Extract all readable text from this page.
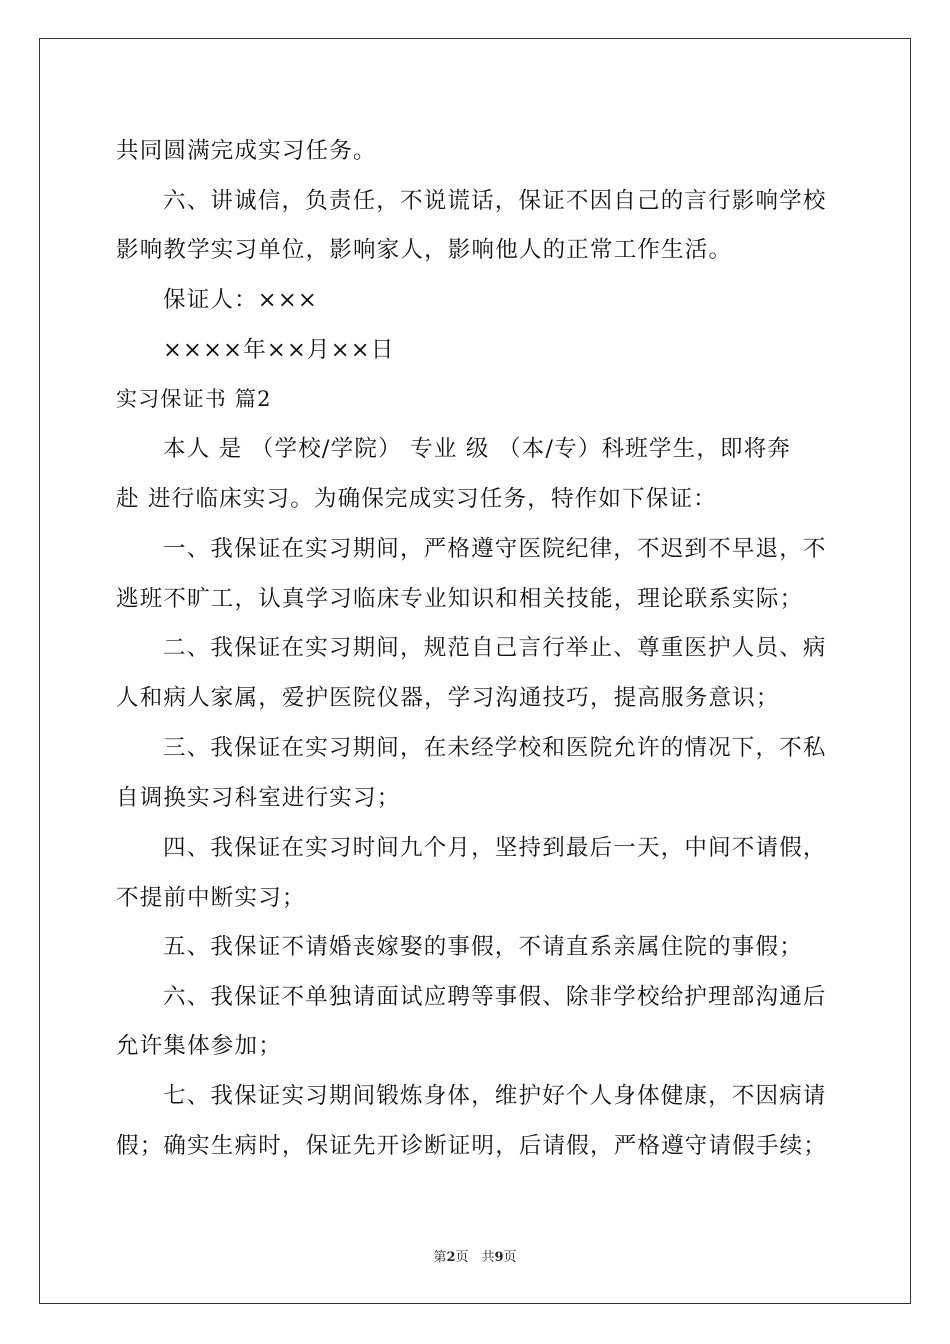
共同圆满完成实习任务。
六、讲诚信，负责任，不说谎话，保证不因自己的言行影响学校
影响教学实习单位，影响家人，影响他人的正常工作生活。
保证人：×××
××××年××月××日
实习保证书 篇2
本人 是 （学校/学院） 专业 级 （本/专）科班学生，即将奔
赴 进行临床实习。为确保完成实习任务，特作如下保证：
一、我保证在实习期间，严格遵守医院纪律，不迟到不早退，不
逃班不旷工，认真学习临床专业知识和相关技能，理论联系实际；
二、我保证在实习期间，规范自己言行举止、尊重医护人员、病
人和病人家属，爱护医院仪器，学习沟通技巧，提高服务意识；
三、我保证在实习期间，在未经学校和医院允许的情况下，不私
自调换实习科室进行实习；
四、我保证在实习时间九个月，坚持到最后一天，中间不请假，
不提前中断实习；
五、我保证不请婚丧嫁娶的事假，不请直系亲属住院的事假；
六、我保证不单独请面试应聘等事假、除非学校给护理部沟通后
允许集体参加；
七、我保证实习期间锻炼身体，维护好个人身体健康，不因病请
假；确实生病时，保证先开诊断证明，后请假，严格遵守请假手续；
第2页　共9页
